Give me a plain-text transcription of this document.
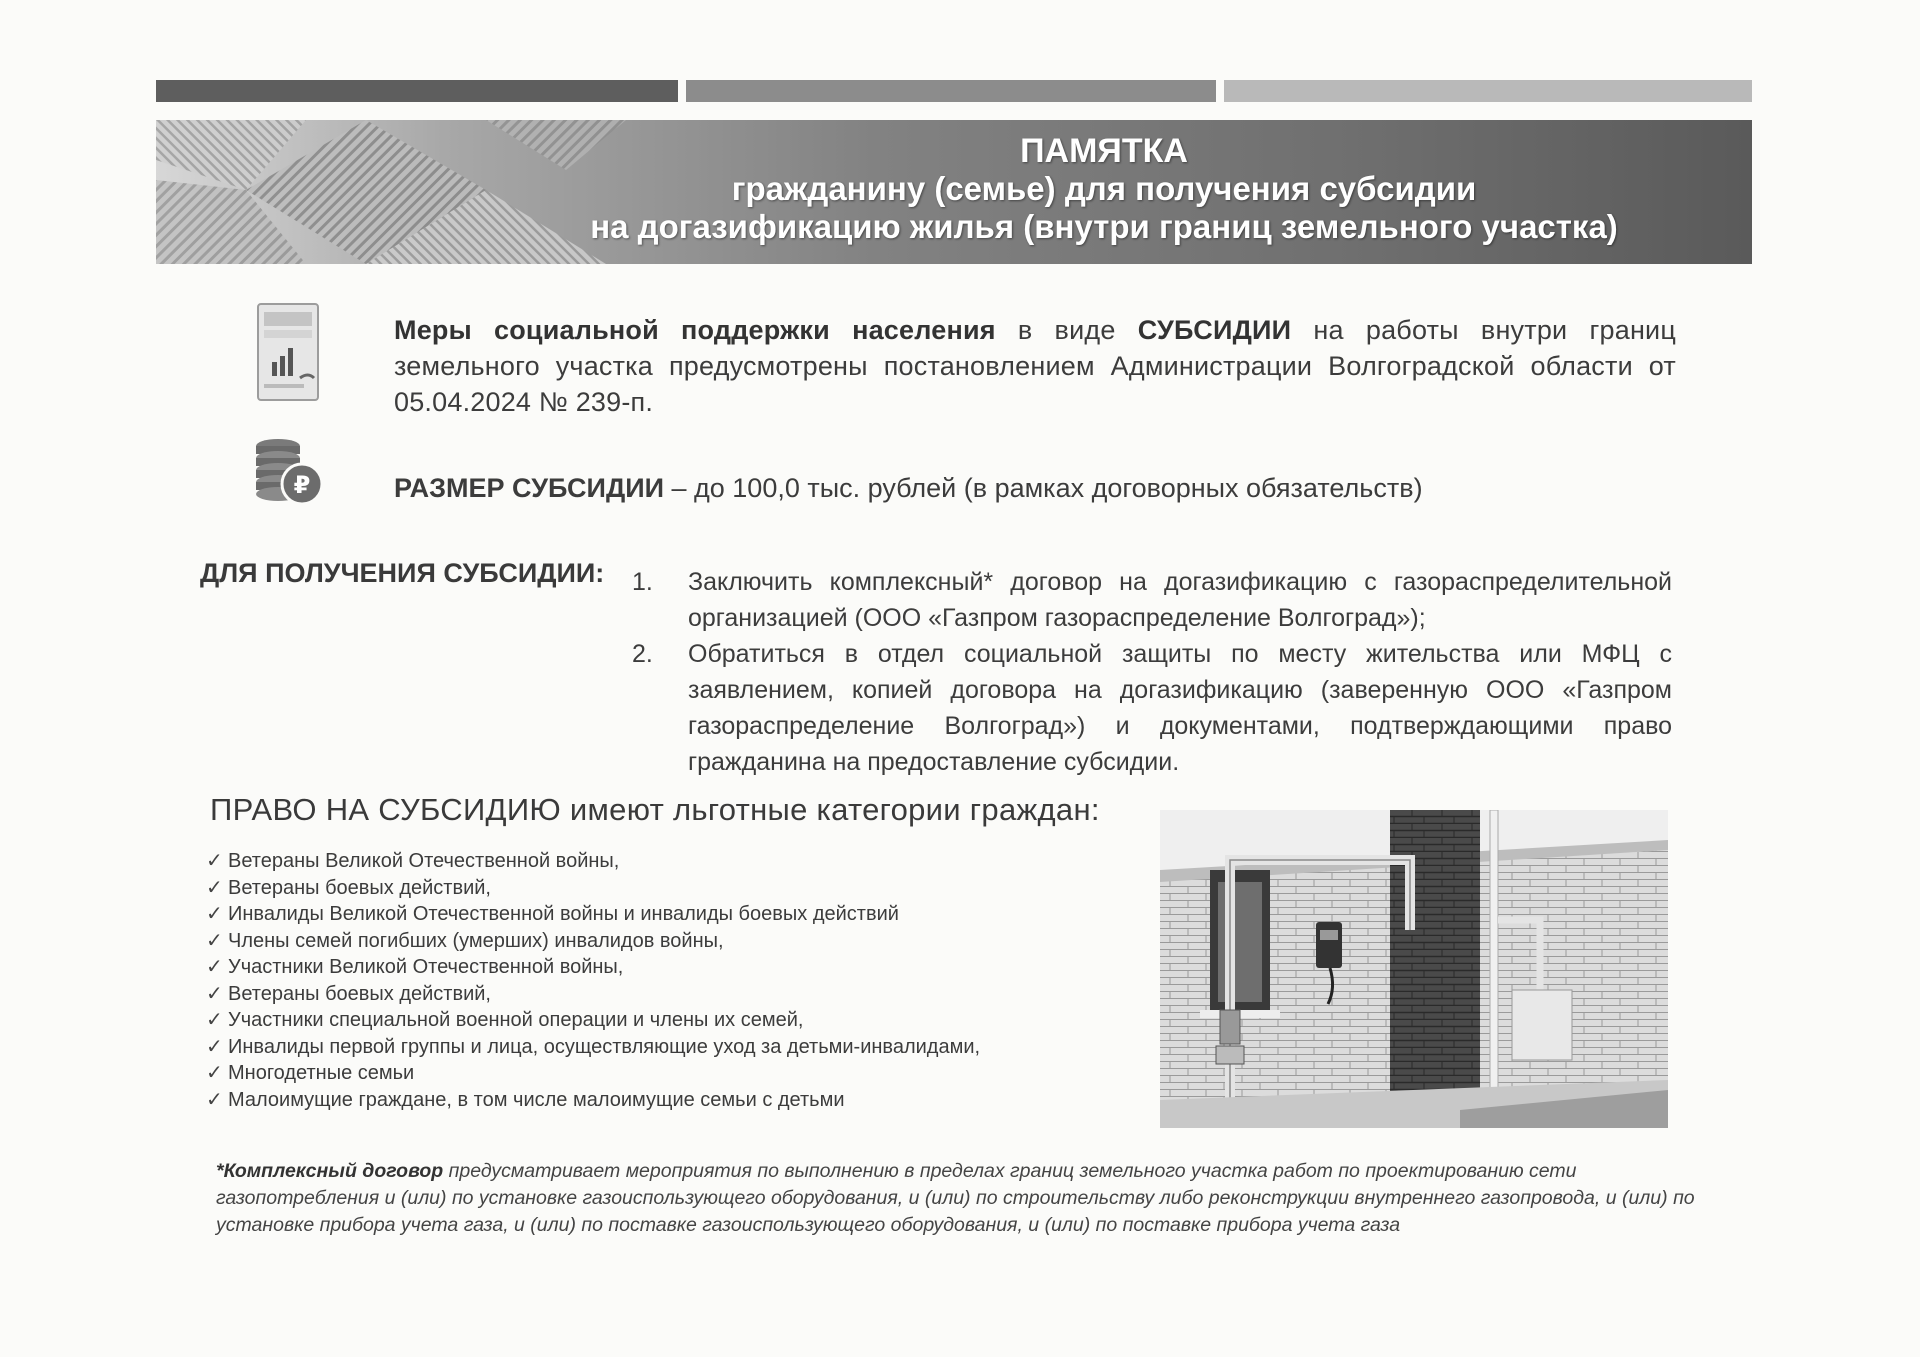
ПАМЯТКА
гражданину (семье) для получения субсидии
на догазификацию жилья (внутри границ земельного участка)
₽
Меры социальной поддержки населения в виде СУБСИДИИ на работы внутри границ земельного участка предусмотрены постановлением Администрации Волгоградской области от 05.04.2024 № 239-п.
РАЗМЕР СУБСИДИИ – до 100,0 тыс. рублей (в рамках договорных обязательств)
ДЛЯ ПОЛУЧЕНИЯ СУБСИДИИ: 1. Заключить комплексный* договор на догазификацию с газораспределительной организацией (ООО «Газпром газораспределение Волгоград»);
2. Обратиться в отдел социальной защиты по месту жительства или МФЦ с заявлением, копией договора на догазификацию (заверенную ООО «Газпром газораспределение Волгоград») и документами, подтверждающими право гражданина на предоставление субсидии.
ПРАВО НА СУБСИДИЮ имеют льготные категории граждан:
✓ Ветераны Великой Отечественной войны,
✓ Ветераны боевых действий,
✓ Инвалиды Великой Отечественной войны и инвалиды боевых действий
✓ Члены семей погибших (умерших) инвалидов войны,
✓ Участники Великой Отечественной войны,
✓ Ветераны боевых действий,
✓ Участники специальной военной операции и члены их семей,
✓ Инвалиды первой группы и лица, осуществляющие уход за детьми-инвалидами,
✓ Многодетные семьи
✓ Малоимущие граждане, в том числе малоимущие семьи с детьми
*Комплексный договор предусматривает мероприятия по выполнению в пределах границ земельного участка работ по проектированию сети газопотребления и (или) по установке газоиспользующего оборудования, и (или) по строительству либо реконструкции внутреннего газопровода, и (или) по установке прибора учета газа, и (или) по поставке газоиспользующего оборудования, и (или) по поставке прибора учета газа
